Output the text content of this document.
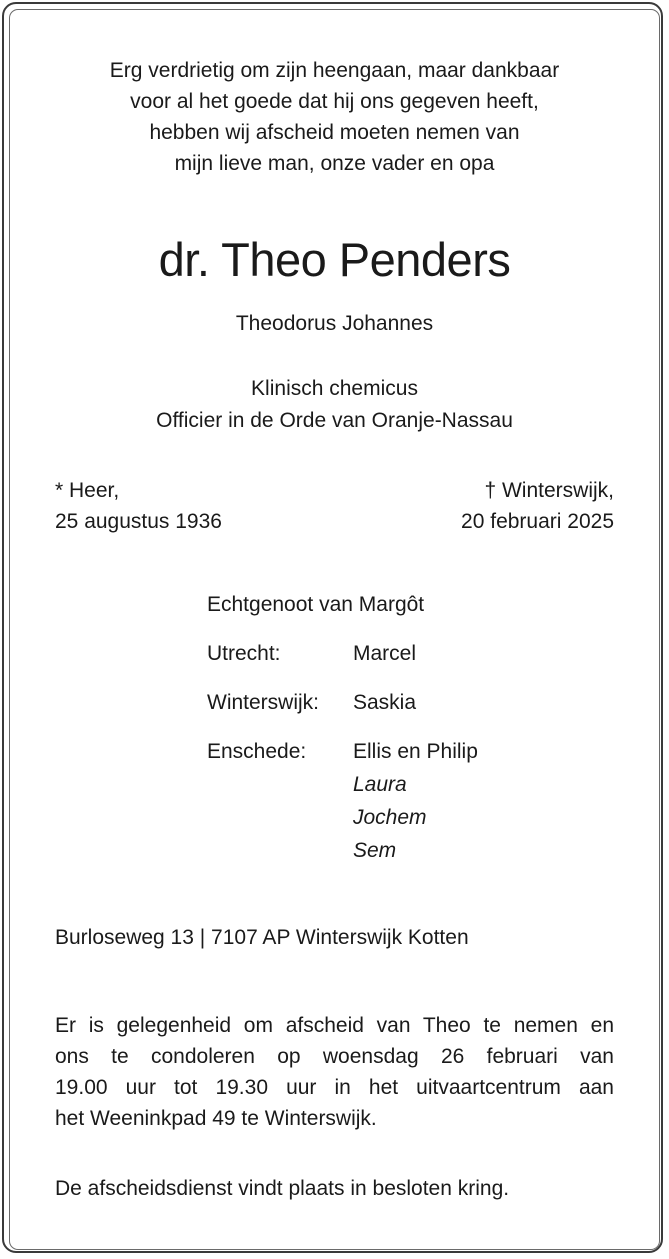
Erg verdrietig om zijn heengaan, maar dankbaar
voor al het goede dat hij ons gegeven heeft,
hebben wij afscheid moeten nemen van
mijn lieve man, onze vader en opa
dr. Theo Penders
Theodorus Johannes
Klinisch chemicus
Officier in de Orde van Oranje-Nassau
* Heer,
25 augustus 1936
† Winterswijk,
20 februari 2025
Echtgenoot van Margôt
Utrecht:	Marcel
Winterswijk:	Saskia
Enschede:	Ellis en Philip
Laura
Jochem
Sem
Burloseweg 13 | 7107 AP Winterswijk Kotten
Er is gelegenheid om afscheid van Theo te nemen en
ons te condoleren op woensdag 26 februari van
19.00 uur tot 19.30 uur in het uitvaartcentrum aan
het Weeninkpad 49 te Winterswijk.
De afscheidsdienst vindt plaats in besloten kring.
